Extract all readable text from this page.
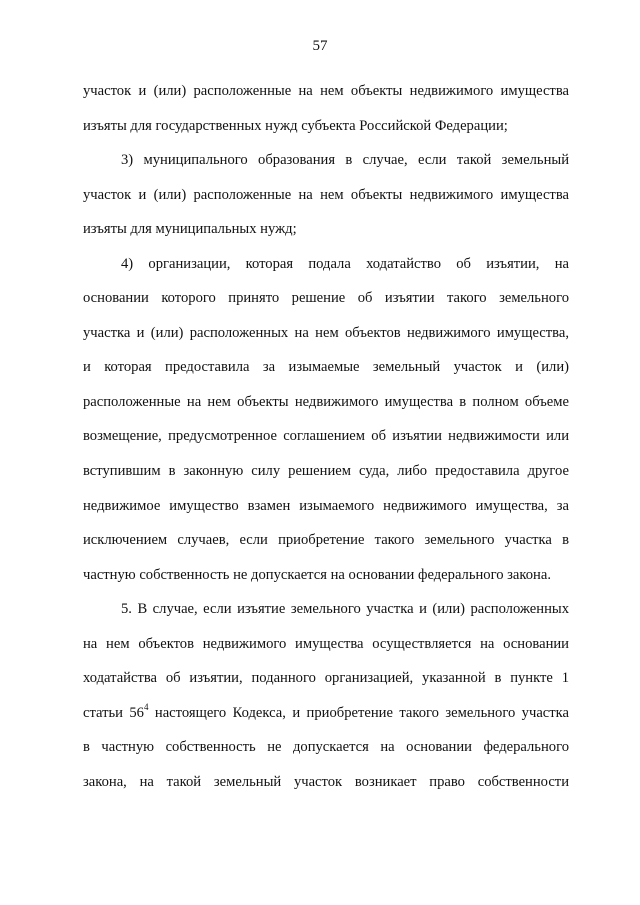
57
участок и (или) расположенные на нем объекты недвижимого имущества
изъяты для государственных нужд субъекта Российской Федерации;
3) муниципального образования в случае, если такой земельный
участок и (или) расположенные на нем объекты недвижимого имущества
изъяты для муниципальных нужд;
4) организации, которая подала ходатайство об изъятии, на
основании которого принято решение об изъятии такого земельного
участка и (или) расположенных на нем объектов недвижимого имущества,
и которая предоставила за изымаемые земельный участок и (или)
расположенные на нем объекты недвижимого имущества в полном объеме
возмещение, предусмотренное соглашением об изъятии недвижимости или
вступившим в законную силу решением суда, либо предоставила другое
недвижимое имущество взамен изымаемого недвижимого имущества, за
исключением случаев, если приобретение такого земельного участка в
частную собственность не допускается на основании федерального закона.
5. В случае, если изъятие земельного участка и (или) расположенных
на нем объектов недвижимого имущества осуществляется на основании
ходатайства об изъятии, поданного организацией, указанной в пункте 1
статьи $56^4$ настоящего Кодекса, и приобретение такого земельного участка
в частную собственность не допускается на основании федерального
закона, на такой земельный участок возникает право собственности
